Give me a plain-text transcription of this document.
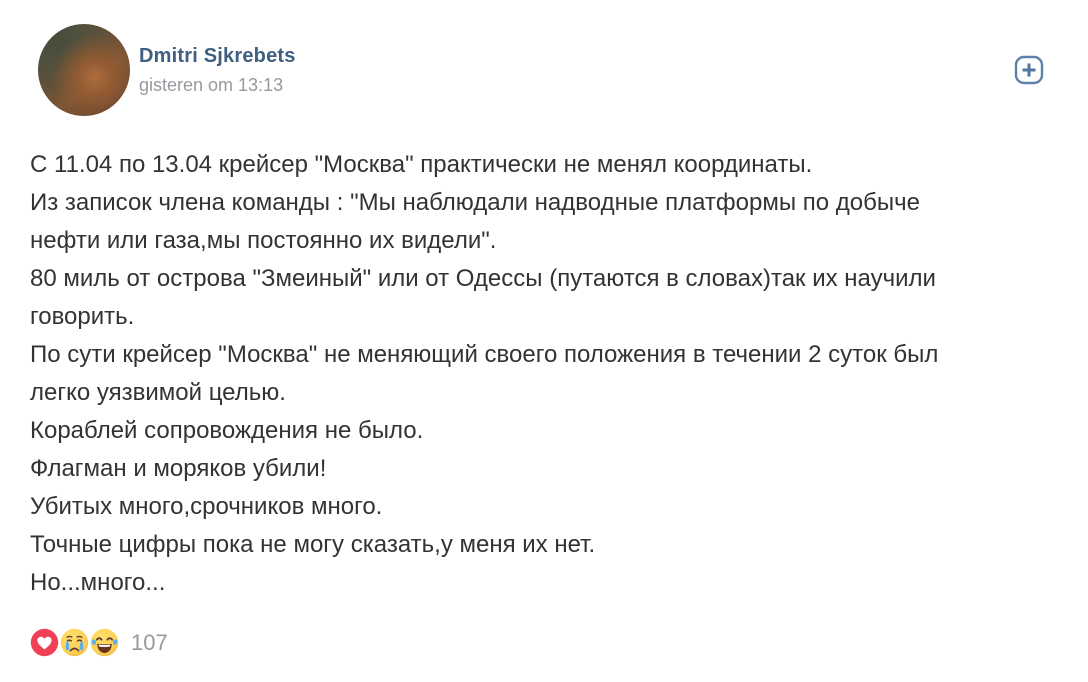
Dmitri Sjkrebets
gisteren om 13:13
С 11.04 по 13.04 крейсер "Москва" практически не менял координаты.
Из записок члена команды : "Мы наблюдали надводные платформы по добыче
нефти или газа,мы постоянно их видели".
80 миль от острова "Змеиный" или от Одессы (путаются в словах)так их научили
говорить.
По сути крейсер "Москва" не меняющий своего положения в течении 2 суток был
легко уязвимой целью.
Кораблей сопровождения не было.
Флагман и моряков убили!
Убитых много,срочников много.
Точные цифры пока не могу сказать,у меня их нет.
Но...много...
107
